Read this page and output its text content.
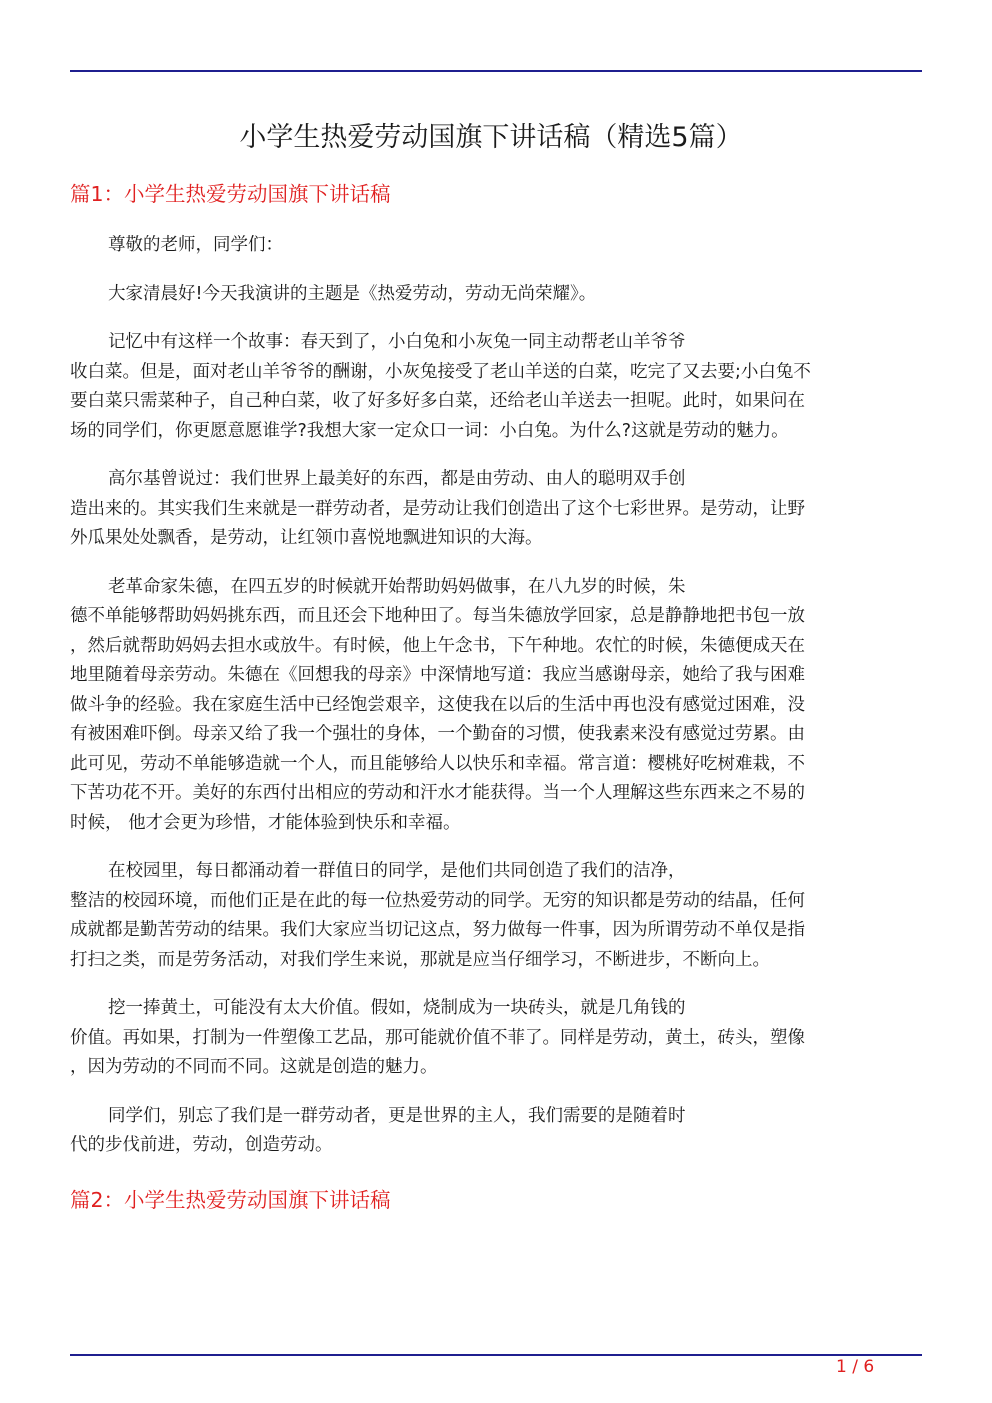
小学生热爱劳动国旗下讲话稿（精选5篇）
篇1：小学生热爱劳动国旗下讲话稿

尊敬的老师，同学们：

大家清晨好!今天我演讲的主题是《热爱劳动，劳动无尚荣耀》。

记忆中有这样一个故事：春天到了，小白兔和小灰兔一同主动帮老山羊爷爷
收白菜。但是，面对老山羊爷爷的酬谢，小灰兔接受了老山羊送的白菜，吃完了又去要;小白兔不
要白菜只需菜种子，自己种白菜，收了好多好多白菜，还给老山羊送去一担呢。此时，如果问在
场的同学们，你更愿意愿谁学?我想大家一定众口一词：小白兔。为什么?这就是劳动的魅力。

高尔基曾说过：我们世界上最美好的东西，都是由劳动、由人的聪明双手创
造出来的。其实我们生来就是一群劳动者，是劳动让我们创造出了这个七彩世界。是劳动，让野
外瓜果处处飘香，是劳动，让红领巾喜悦地飘进知识的大海。

老革命家朱德，在四五岁的时候就开始帮助妈妈做事，在八九岁的时候，朱
德不单能够帮助妈妈挑东西，而且还会下地种田了。每当朱德放学回家，总是静静地把书包一放
，然后就帮助妈妈去担水或放牛。有时候，他上午念书，下午种地。农忙的时候，朱德便成天在
地里随着母亲劳动。朱德在《回想我的母亲》中深情地写道：我应当感谢母亲，她给了我与困难
做斗争的经验。我在家庭生活中已经饱尝艰辛，这使我在以后的生活中再也没有感觉过困难，没
有被困难吓倒。母亲又给了我一个强壮的身体，一个勤奋的习惯，使我素来没有感觉过劳累。由
此可见，劳动不单能够造就一个人，而且能够给人以快乐和幸福。常言道：樱桃好吃树难栽，不
下苦功花不开。美好的东西付出相应的劳动和汗水才能获得。当一个人理解这些东西来之不易的
时候， 他才会更为珍惜，才能体验到快乐和幸福。

在校园里，每日都涌动着一群值日的同学，是他们共同创造了我们的洁净，
整洁的校园环境，而他们正是在此的每一位热爱劳动的同学。无穷的知识都是劳动的结晶，任何
成就都是勤苦劳动的结果。我们大家应当切记这点，努力做每一件事，因为所谓劳动不单仅是指
打扫之类，而是劳务活动，对我们学生来说，那就是应当仔细学习，不断进步，不断向上。

挖一捧黄土，可能没有太大价值。假如，烧制成为一块砖头，就是几角钱的
价值。再如果，打制为一件塑像工艺品，那可能就价值不菲了。同样是劳动，黄土，砖头，塑像
，因为劳动的不同而不同。这就是创造的魅力。

同学们，别忘了我们是一群劳动者，更是世界的主人，我们需要的是随着时
代的步伐前进，劳动，创造劳动。

篇2：小学生热爱劳动国旗下讲话稿
1 / 6
